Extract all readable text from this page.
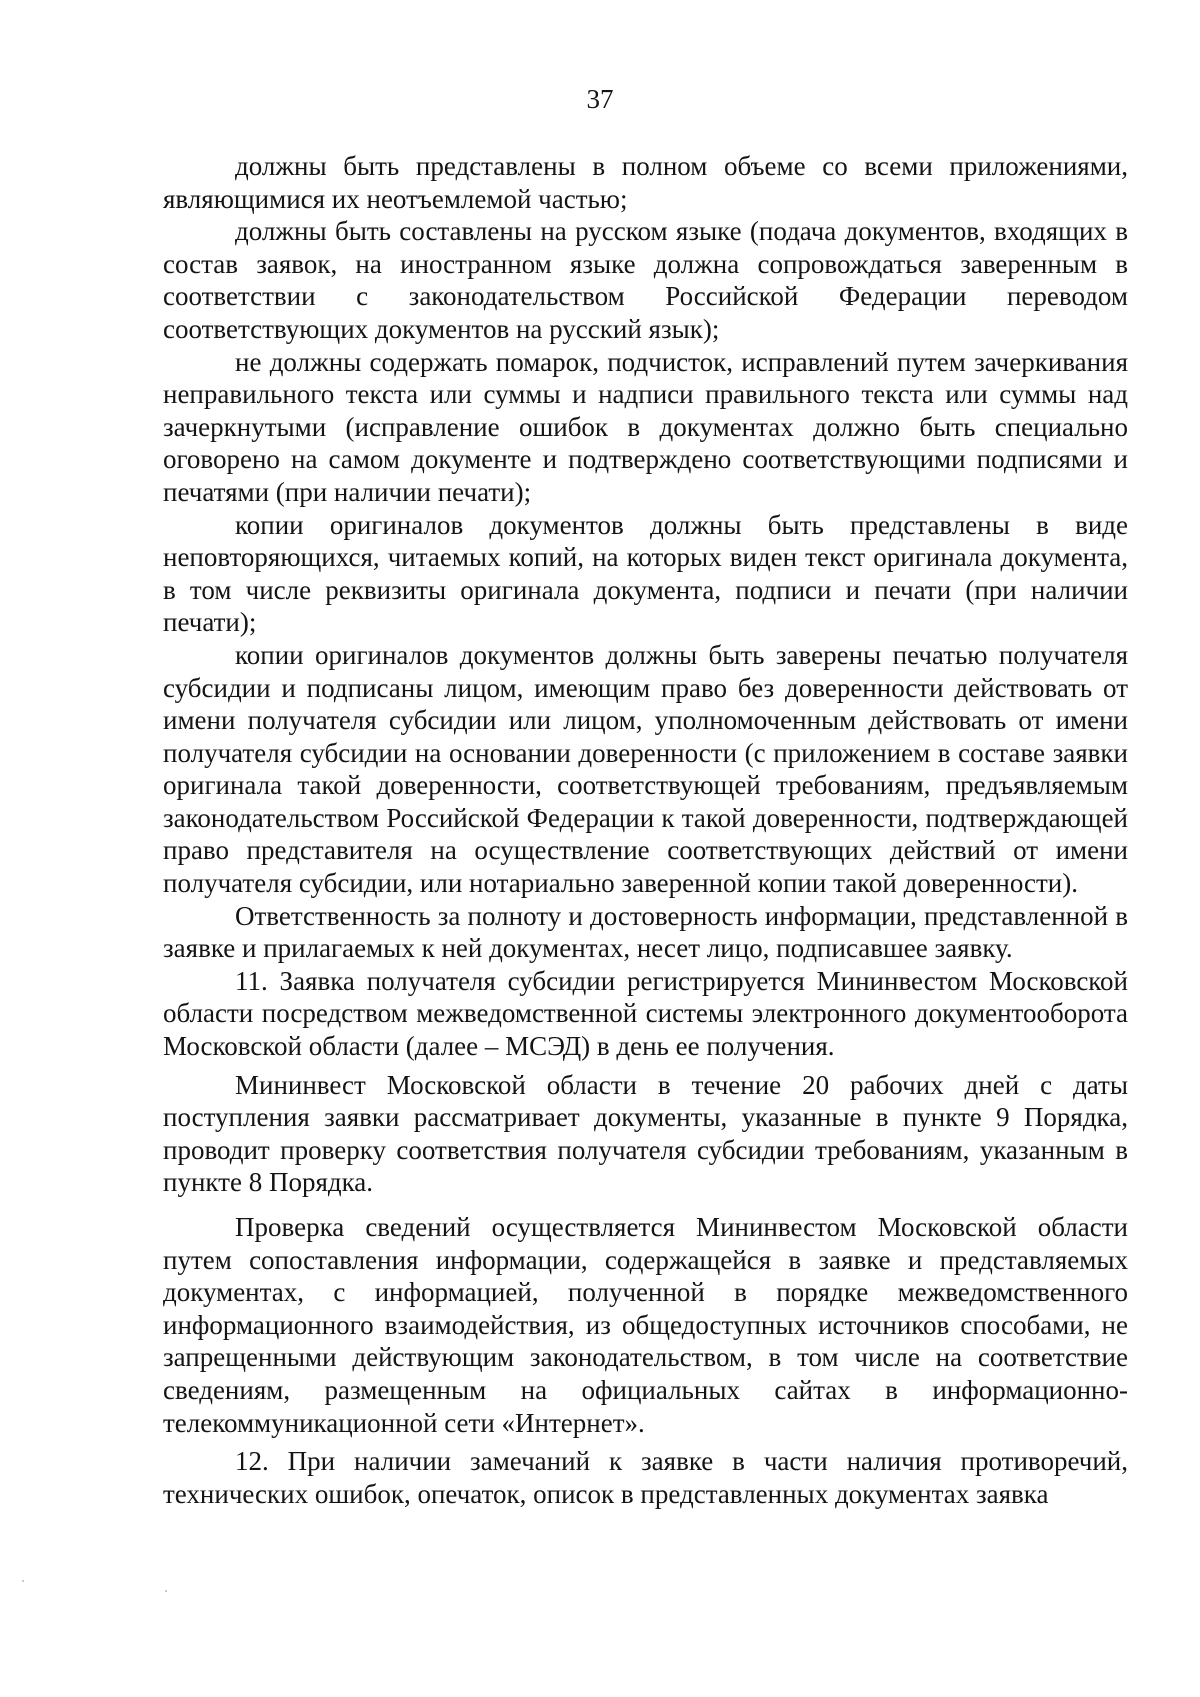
37

должны быть представлены в полном объеме со всеми приложениями, являющимися их неотъемлемой частью;

должны быть составлены на русском языке (подача документов, входящих в состав заявок, на иностранном языке должна сопровождаться заверенным в соответствии с законодательством Российской Федерации переводом соответствующих документов на русский язык);

не должны содержать помарок, подчисток, исправлений путем зачеркивания неправильного текста или суммы и надписи правильного текста или суммы над зачеркнутыми (исправление ошибок в документах должно быть специально оговорено на самом документе и подтверждено соответствующими подписями и печатями (при наличии печати);

копии оригиналов документов должны быть представлены в виде неповторяющихся, читаемых копий, на которых виден текст оригинала документа, в том числе реквизиты оригинала документа, подписи и печати (при наличии печати);

копии оригиналов документов должны быть заверены печатью получателя субсидии и подписаны лицом, имеющим право без доверенности действовать от имени получателя субсидии или лицом, уполномоченным действовать от имени получателя субсидии на основании доверенности (с приложением в составе заявки оригинала такой доверенности, соответствующей требованиям, предъявляемым законодательством Российской Федерации к такой доверенности, подтверждающей право представителя на осуществление соответствующих действий от имени получателя субсидии, или нотариально заверенной копии такой доверенности).

Ответственность за полноту и достоверность информации, представленной в заявке и прилагаемых к ней документах, несет лицо, подписавшее заявку.

11. Заявка получателя субсидии регистрируется Мининвестом Московской области посредством межведомственной системы электронного документооборота Московской области (далее – МСЭД) в день ее получения.

Мининвест Московской области в течение 20 рабочих дней с даты поступления заявки рассматривает документы, указанные в пункте 9 Порядка, проводит проверку соответствия получателя субсидии требованиям, указанным в пункте 8 Порядка.

Проверка сведений осуществляется Мининвестом Московской области путем сопоставления информации, содержащейся в заявке и представляемых документах, с информацией, полученной в порядке межведомственного информационного взаимодействия, из общедоступных источников способами, не запрещенными действующим законодательством, в том числе на соответствие сведениям, размещенным на официальных сайтах в информационно-телекоммуникационной сети «Интернет».

12. При наличии замечаний к заявке в части наличия противоречий, технических ошибок, опечаток, описок в представленных документах заявка
